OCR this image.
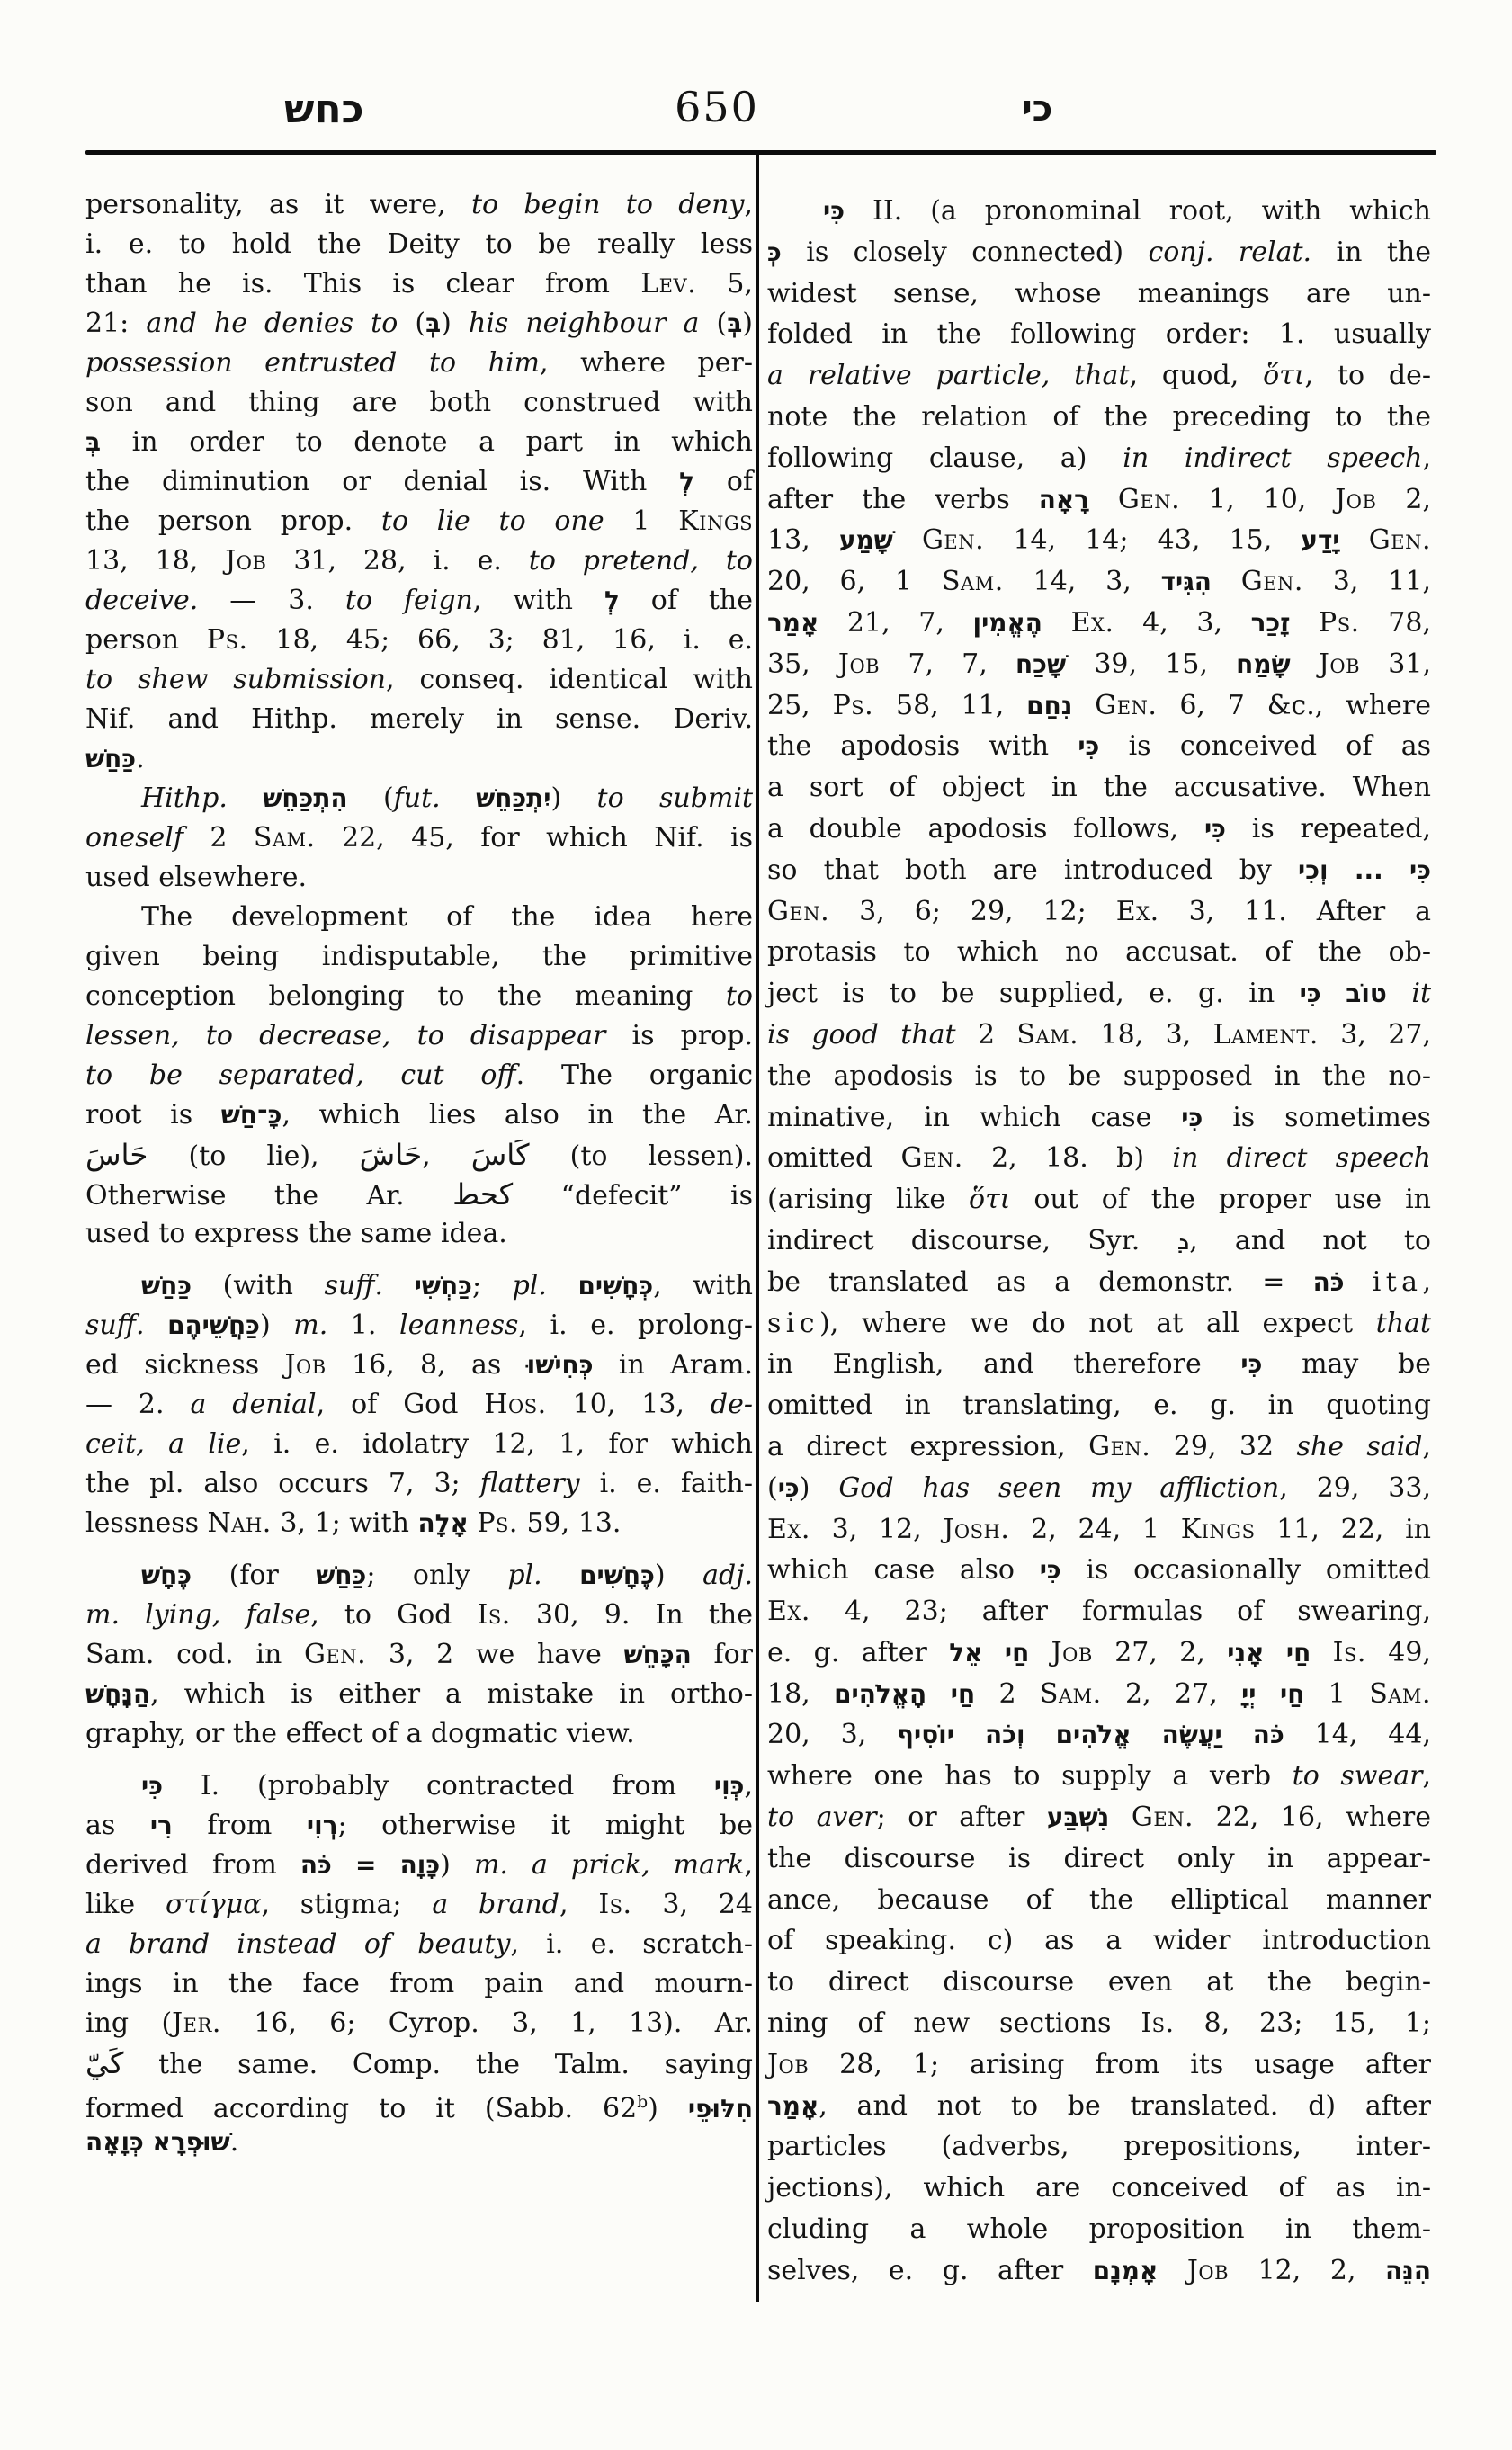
כחש	650	כי
personality, as it were, to begin to deny,
i. e. to hold the Deity to be really less
than he is. This is clear from Lev. 5,
21: and he denies to (בְּ) his neighbour a (בְּ)
possession entrusted to him, where per-
son and thing are both construed with
בְּ in order to denote a part in which
the diminution or denial is. With לְ of
the person prop. to lie to one 1 Kings
13, 18, Job 31, 28, i. e. to pretend, to
deceive. — 3. to feign, with לְ of the
person Ps. 18, 45; 66, 3; 81, 16, i. e.
to shew submission, conseq. identical with
Nif. and Hithp. merely in sense. Deriv.
כַּחַשׁ.
Hithp. הִתְכַּחֵשׁ (fut. יִתְכַּחֵשׁ) to submit
oneself 2 Sam. 22, 45, for which Nif. is
used elsewhere.
The development of the idea here
given being indisputable, the primitive
conception belonging to the meaning to
lessen, to decrease, to disappear is prop.
to be separated, cut off. The organic
root is כָּ־חַשׁ, which lies also in the Ar.
حَاسَ (to lie), حَاشَ, كَاسَ (to lessen).
Otherwise the Ar. كحط “defecit” is
used to express the same idea.
כַּחַשׁ (with suff. כַּחְשִׁי; pl. כְּחָשִׁים, with
suff. כַּחֲשֵׁיהֶם) m. 1. leanness, i. e. prolong-
ed sickness Job 16, 8, as כְּחִישׁוּ in Aram.
— 2. a denial, of God Hos. 10, 13, de-
ceit, a lie, i. e. idolatry 12, 1, for which
the pl. also occurs 7, 3; flattery i. e. faith-
lessness Nah. 3, 1; with אָלָה Ps. 59, 13.
כֶּחָשׁ (for כַּחַשׁ; only pl. כֶּחָשִׁים) adj.
m. lying, false, to God Is. 30, 9. In the
Sam. cod. in Gen. 3, 2 we have הִכָּחֵשׁ for
הַנָּחָשׁ, which is either a mistake in ortho-
graphy, or the effect of a dogmatic view.
כִּי I. (probably contracted from כְּוִי,
as רִי from רְוִי; otherwise it might be
derived from כָּוָה = כֹּה) m. a prick, mark,
like στίγμα, stigma; a brand, Is. 3, 24
a brand instead of beauty, i. e. scratch-
ings in the face from pain and mourn-
ing (Jer. 16, 6; Cyrop. 3, 1, 13). Ar.
كَيّ the same. Comp. the Talm. saying
formed according to it (Sabb. 62$^b$) חִלּוּפֵי
שׁוּפְרָא כְּוָאָה.
כִּי II. (a pronominal root, with which
כְּ is closely connected) conj. relat. in the
widest sense, whose meanings are un-
folded in the following order: 1. usually
a relative particle, that, quod, ὅτι, to de-
note the relation of the preceding to the
following clause, a) in indirect speech,
after the verbs רָאָה Gen. 1, 10, Job 2,
13, שָׁמַע Gen. 14, 14; 43, 15, יָדַע Gen.
20, 6, 1 Sam. 14, 3, הִגִּיד Gen. 3, 11,
אָמַר 21, 7, הֶאֱמִין Ex. 4, 3, זָכַר Ps. 78,
35, Job 7, 7, שָׁכַח 39, 15, שָׂמַח Job 31,
25, Ps. 58, 11, נִחַם Gen. 6, 7 &c., where
the apodosis with כִּי is conceived of as
a sort of object in the accusative. When
a double apodosis follows, כִּי is repeated,
so that both are introduced by כִּי ... וְכִי
Gen. 3, 6; 29, 12; Ex. 3, 11. After a
protasis to which no accusat. of the ob-
ject is to be supplied, e. g. in טוֹב כִּי it
is good that 2 Sam. 18, 3, Lament. 3, 27,
the apodosis is to be supposed in the no-
minative, in which case כִּי is sometimes
omitted Gen. 2, 18. b) in direct speech
(arising like ὅτι out of the proper use in
indirect discourse, Syr. ܕ, and not to
be translated as a demonstr. = כֹּה ita,
sic), where we do not at all expect that
in English, and therefore כִּי may be
omitted in translating, e. g. in quoting
a direct expression, Gen. 29, 32 she said,
(כִּי) God has seen my affliction, 29, 33,
Ex. 3, 12, Josh. 2, 24, 1 Kings 11, 22, in
which case also כִּי is occasionally omitted
Ex. 4, 23; after formulas of swearing,
e. g. after חַי אֵל Job 27, 2, חַי אָנִי Is. 49,
18, חַי הָאֱלֹהִים 2 Sam. 2, 27, חַי יְיָ 1 Sam.
20, 3, כֹּה יַעֲשֶׂה אֱלֹהִים וְכֹה יוֹסִיף 14, 44,
where one has to supply a verb to swear,
to aver; or after נִשְׁבַּע Gen. 22, 16, where
the discourse is direct only in appear-
ance, because of the elliptical manner
of speaking. c) as a wider introduction
to direct discourse even at the begin-
ning of new sections Is. 8, 23; 15, 1;
Job 28, 1; arising from its usage after
אָמַר, and not to be translated. d) after
particles (adverbs, prepositions, inter-
jections), which are conceived of as in-
cluding a whole proposition in them-
selves, e. g. after אָמְנָם Job 12, 2, הִנֵּה
